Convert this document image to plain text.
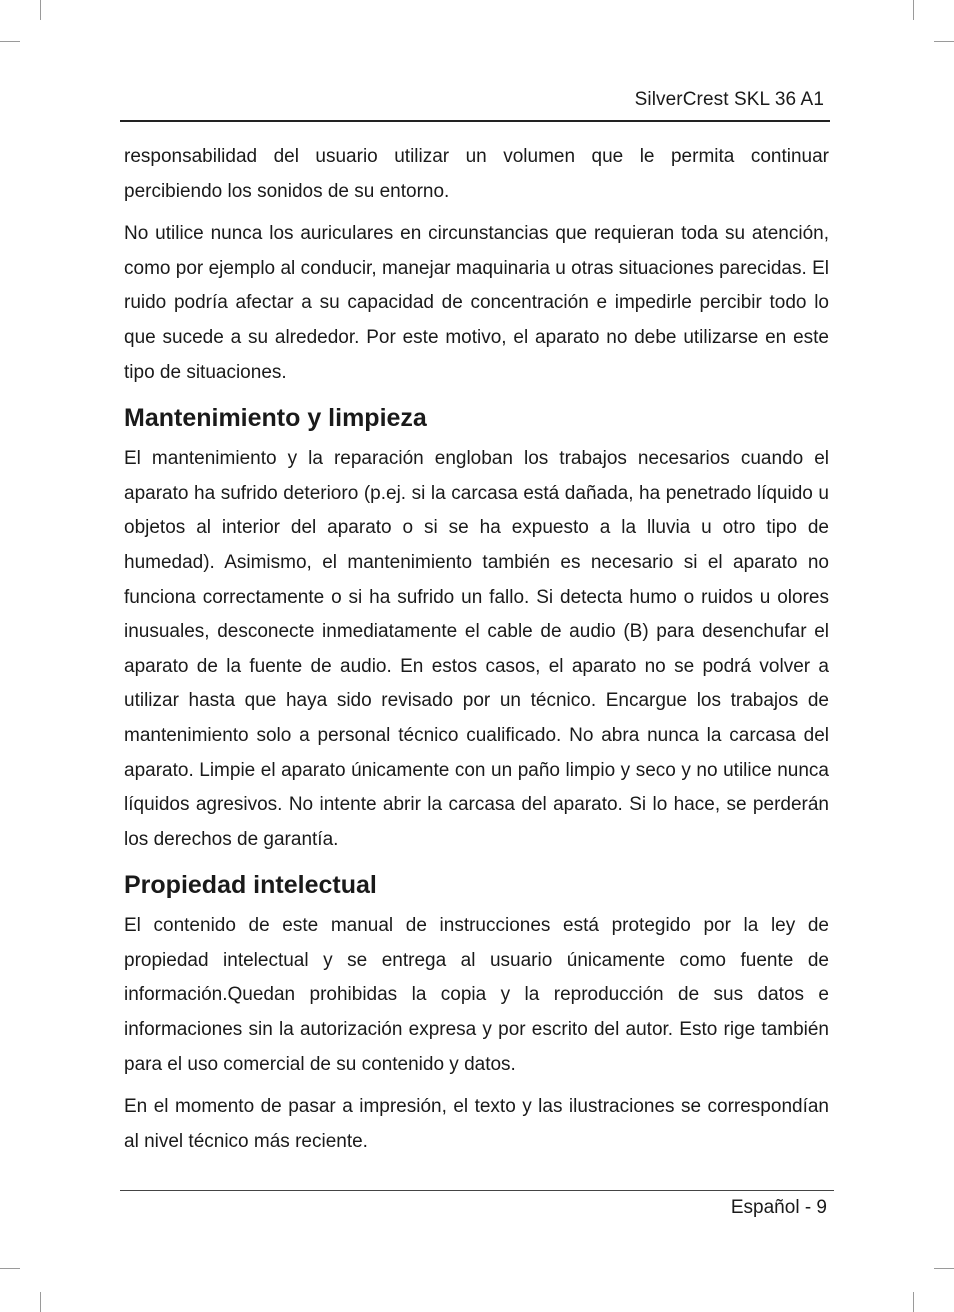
SilverCrest SKL 36 A1

responsabilidad del usuario utilizar un volumen que le permita continuar percibiendo los sonidos de su entorno.

No utilice nunca los auriculares en circunstancias que requieran toda su atención, como por ejemplo al conducir, manejar maquinaria u otras situaciones parecidas. El ruido podría afectar a su capacidad de concentración e impedirle percibir todo lo que sucede a su alrededor. Por este motivo, el aparato no debe utilizarse en este tipo de situaciones.

Mantenimiento y limpieza

El mantenimiento y la reparación engloban los trabajos necesarios cuando el aparato ha sufrido deterioro (p.ej. si la carcasa está dañada, ha penetrado líquido u objetos al interior del aparato o si se ha expuesto a la lluvia u otro tipo de humedad). Asimismo, el mantenimiento también es necesario si el aparato no funciona correctamente o si ha sufrido un fallo. Si detecta humo o ruidos u olores inusuales, desconecte inmediatamente el cable de audio (B) para desenchufar el aparato de la fuente de audio. En estos casos, el aparato no se podrá volver a utilizar hasta que haya sido revisado por un técnico. Encargue los trabajos de mantenimiento solo a personal técnico cualificado. No abra nunca la carcasa del aparato. Limpie el aparato únicamente con un paño limpio y seco y no utilice nunca líquidos agresivos. No intente abrir la carcasa del aparato. Si lo hace, se perderán los derechos de garantía.

Propiedad intelectual

El contenido de este manual de instrucciones está protegido por la ley de propiedad intelectual y se entrega al usuario únicamente como fuente de información.Quedan prohibidas la copia y la reproducción de sus datos e informaciones sin la autorización expresa y por escrito del autor. Esto rige también para el uso comercial de su contenido y datos.

En el momento de pasar a impresión, el texto y las ilustraciones se correspondían al nivel técnico más reciente.

Español - 9
